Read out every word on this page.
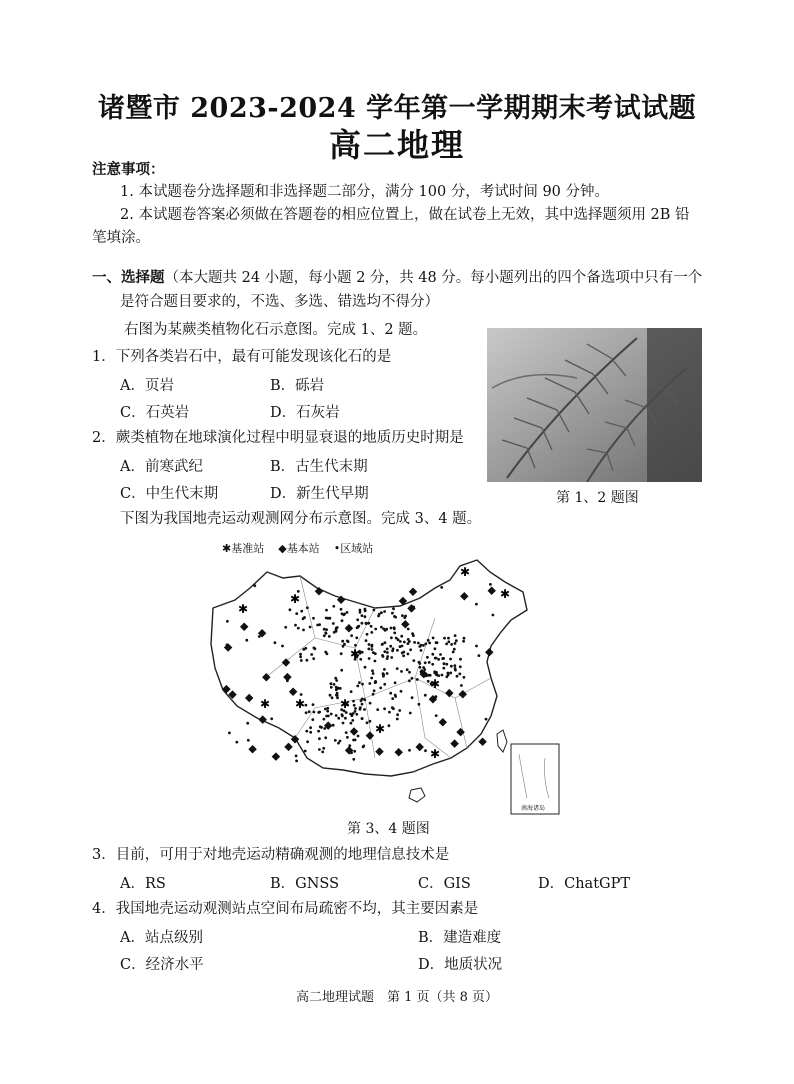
诸暨市 2023-2024 学年第一学期期末考试试题
高二地理
注意事项：
1. 本试题卷分选择题和非选择题二部分，满分 100 分，考试时间 90 分钟。
2. 本试题卷答案必须做在答题卷的相应位置上，做在试卷上无效，其中选择题须用 2B 铅
笔填涂。
一、选择题（本大题共 24 小题，每小题 2 分，共 48 分。每小题列出的四个备选项中只有一个
是符合题目要求的，不选、多选、错选均不得分）
右图为某蕨类植物化石示意图。完成 1、2 题。
1．下列各类岩石中，最有可能发现该化石的是
A．页岩	B．砾岩
C．石英岩	D．石灰岩
2．蕨类植物在地球演化过程中明显衰退的地质历史时期是
A．前寒武纪	B．古生代末期
C．中生代末期	D．新生代早期	第 1、2 题图
下图为我国地壳运动观测网分布示意图。完成 3、4 题。
✱基准站 ◆基本站 •区域站
✱
✱
✱
✱
✱
✱
✱
✱
✱
✱	✱
南海诸岛
第 3、4 题图
3．目前，可用于对地壳运动精确观测的地理信息技术是
A．RS	B．GNSS	C．GIS	D．ChatGPT
4．我国地壳运动观测站点空间布局疏密不均，其主要因素是
A．站点级别	B．建造难度
C．经济水平	D．地质状况
高二地理试题　第 1 页（共 8 页）
